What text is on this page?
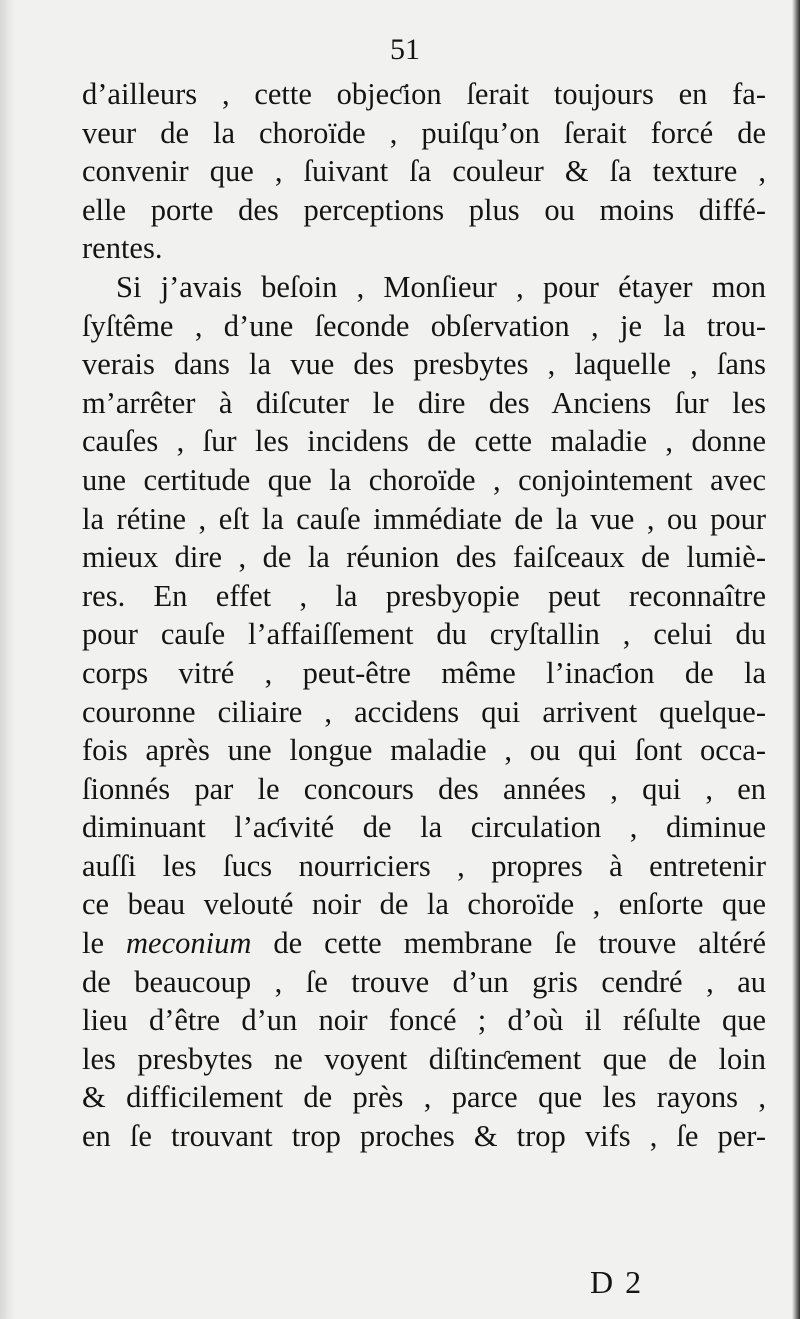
51
d’ailleurs , cette objeƈion ſerait toujours en fa-
veur de la choroïde , puiſqu’on ſerait forcé de
convenir que , ſuivant ſa couleur & ſa texture ,
elle porte des perceptions plus ou moins diffé-
rentes.
Si j’avais beſoin , Monſieur , pour étayer mon
ſyſtême , d’une ſeconde obſervation , je la trou-
verais dans la vue des presbytes , laquelle , ſans
m’arrêter à diſcuter le dire des Anciens ſur les
cauſes , ſur les incidens de cette maladie , donne
une certitude que la choroïde , conjointement avec
la rétine , eſt la cauſe immédiate de la vue , ou pour
mieux dire , de la réunion des faiſceaux de lumiè-
res. En effet , la presbyopie peut reconnaître
pour cauſe l’affaiſſement du cryſtallin , celui du
corps vitré , peut-être même l’inaƈion de la
couronne ciliaire , accidens qui arrivent quelque-
fois après une longue maladie , ou qui ſont occa-
ſionnés par le concours des années , qui , en
diminuant l’aƈivité de la circulation , diminue
auſſi les ſucs nourriciers , propres à entretenir
ce beau velouté noir de la choroïde , enſorte que
le meconium de cette membrane ſe trouve altéré
de beaucoup , ſe trouve d’un gris cendré , au
lieu d’être d’un noir foncé ; d’où il réſulte que
les presbytes ne voyent diſtinƈement que de loin
& difficilement de près , parce que les rayons ,
en ſe trouvant trop proches & trop vifs , ſe per-
D 2
